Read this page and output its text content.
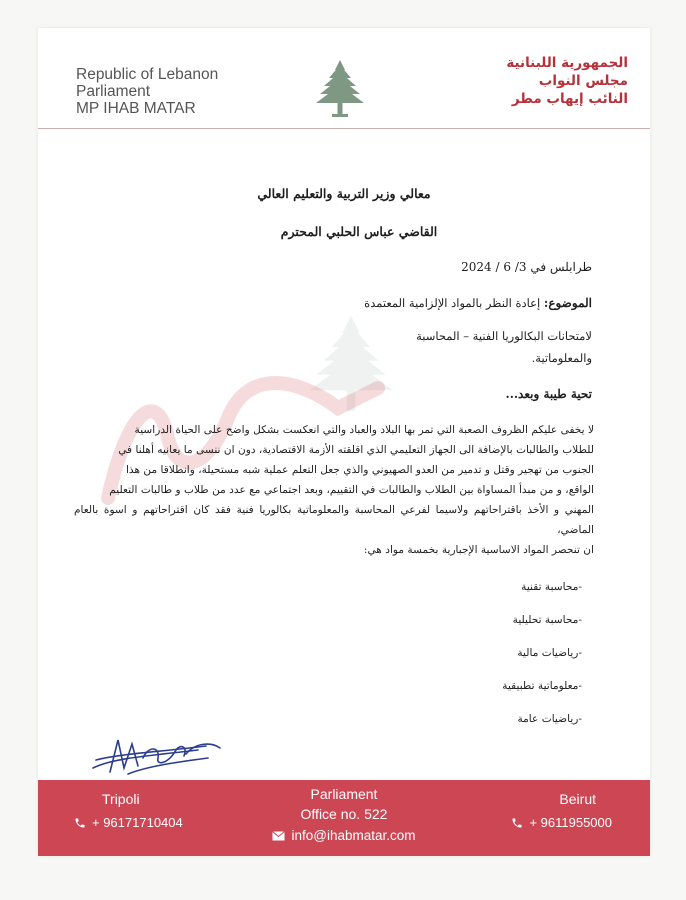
Republic of Lebanon
Parliament
MP IHAB MATAR
الجمهورية اللبنانية
مجلس النواب
النائب إيهاب مطر
معالي وزير التربية والتعليم العالي
القاضي عباس الحلبي المحترم
طرابلس في 3/ 6 / 2024
الموضوع: إعادة النظر بالمواد الإلزامية المعتمدة
لامتحانات البكالوريا الفنية – المحاسبة
والمعلوماتية.
تحية طيبة وبعد...
لا يخفى عليكم الظروف الصعبة التي تمر بها البلاد والعباد والتي انعكست بشكل واضح على الحياة الدراسية
للطلاب والطالبات بالإضافة الى الجهاز التعليمي الذي اقلقته الأزمة الاقتصادية، دون ان ننسى ما يعانيه أهلنا في
الجنوب من تهجير وقتل و تدمير من العدو الصهيوني والذي جعل التعلم عملية شبه مستحيلة، وانطلاقا من هذا
الواقع، و من مبدأ المساواة بين الطلاب والطالبات في التقييم، وبعد اجتماعي مع عدد من طلاب و طالبات التعليم
المهني و الأخذ باقتراحاتهم ولاسيما لفرعي المحاسبة والمعلوماتية بكالوريا فنية فقد كان اقتراحاتهم و اسوة بالعام الماضي،
ان تنحصر المواد الاساسية الإجبارية بخمسة مواد هي:
-محاسبة تقنية
-محاسبة تحليلية
-رياضيات مالية
-معلوماتية تطبيقية
-رياضيات عامة
Tripoli
+ 96171710404
Parliament
Office no. 522
info@ihabmatar.com
Beirut
+ 9611955000
